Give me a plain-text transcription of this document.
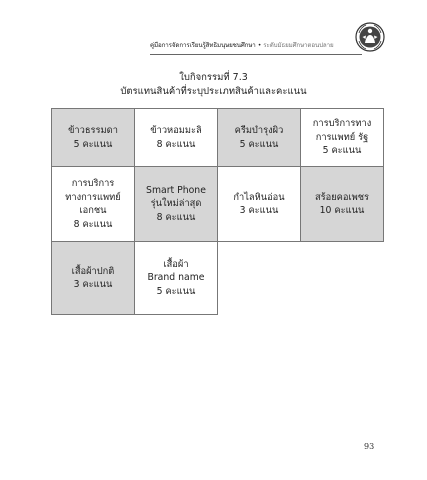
คู่มือการจัดการเรียนรู้สิทธิมนุษยชนศึกษา • ระดับมัธยมศึกษาตอนปลาย
ใบกิจกรรมที่ 7.3
บัตรแทนสินค้าที่ระบุประเภทสินค้าและคะแนน
ข้าวธรรมดา
5 คะแนน
ข้าวหอมมะลิ
8 คะแนน
ครีมบำรุงผิว
5 คะแนน
การบริการทาง
การแพทย์ รัฐ
5 คะแนน
การบริการ
ทางการแพทย์
เอกชน
8 คะแนน
Smart Phone
รุ่นใหม่ล่าสุด
8 คะแนน
กำไลหินอ่อน
3 คะแนน
สร้อยคอเพชร
10 คะแนน
เสื้อผ้าปกติ
3 คะแนน
เสื้อผ้า
Brand name
5 คะแนน
93
